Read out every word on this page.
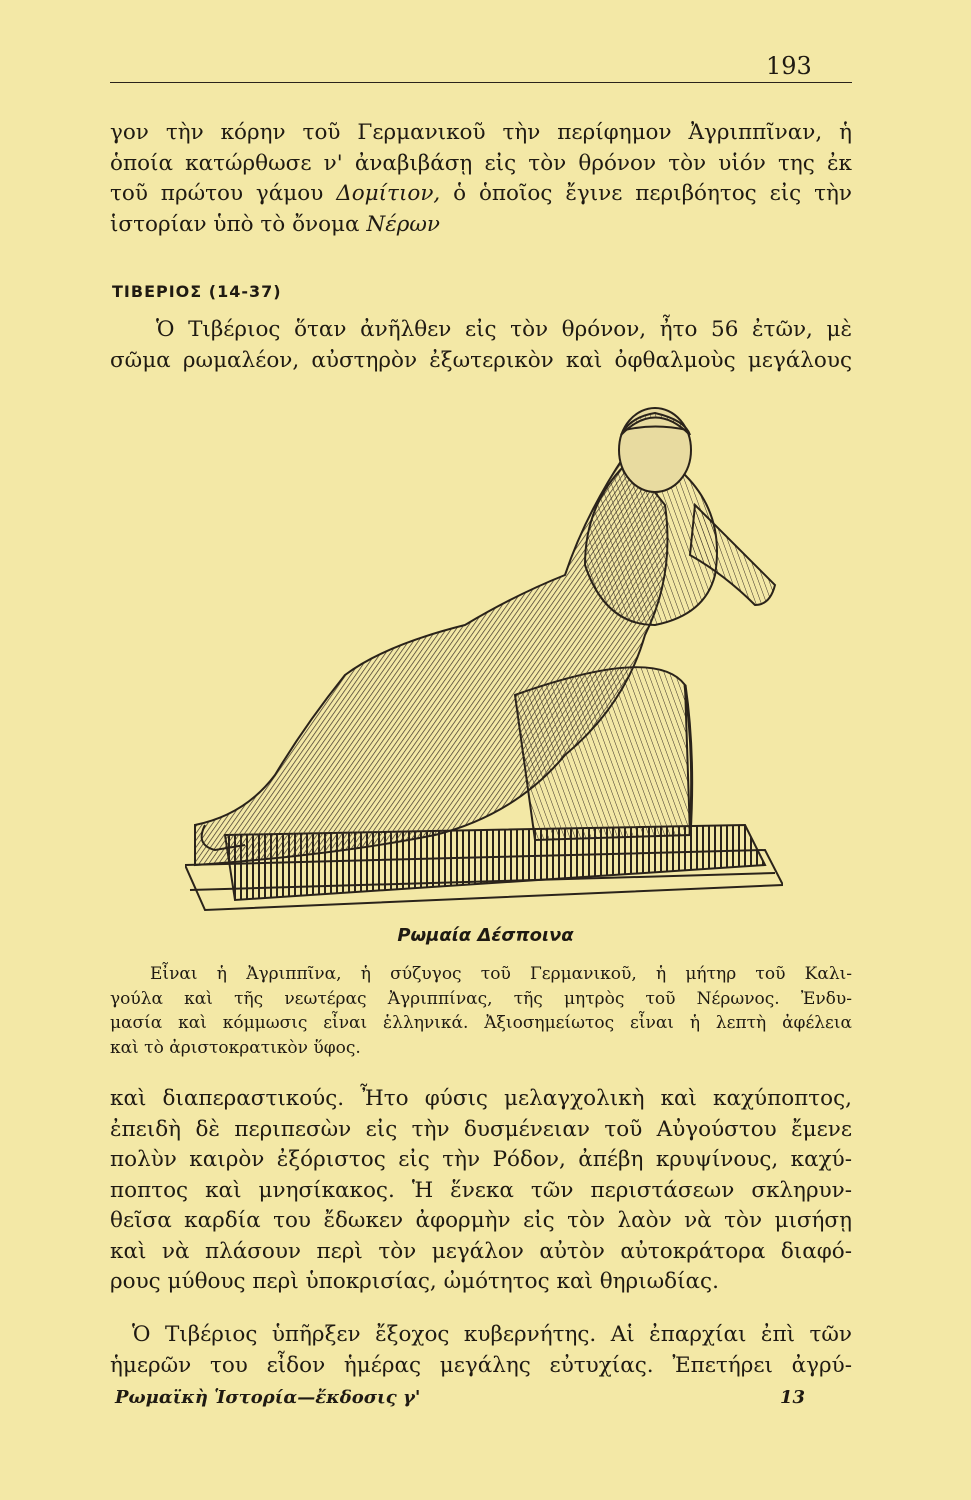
193
γον τὴν κόρην τοῦ Γερμανικοῦ τὴν περίφημον Ἀγριππῖναν, ἡ
ὁποία κατώρθωσε ν' ἀναβιβάσῃ εἰς τὸν θρόνον τὸν υἱόν της ἐκ
τοῦ πρώτου γάμου Δομίτιον, ὁ ὁποῖος ἔγινε περιβόητος εἰς τὴν
ἱστορίαν ὑπὸ τὸ ὄνομα Νέρων
ΤΙΒΕΡΙΟΣ (14-37)
Ὁ Τιβέριος ὅταν ἀνῆλθεν εἰς τὸν θρόνον, ἦτο 56 ἐτῶν, μὲ
σῶμα ρωμαλέον, αὐστηρὸν ἐξωτερικὸν καὶ ὀφθαλμοὺς μεγάλους
Ρωμαία Δέσποινα
Εἶναι ἡ Ἀγριππῖνα, ἡ σύζυγος τοῦ Γερμανικοῦ, ἡ μήτηρ τοῦ Καλι-
γούλα καὶ τῆς νεωτέρας Ἀγριππίνας, τῆς μητρὸς τοῦ Νέρωνος. Ἐνδυ-
μασία καὶ κόμμωσις εἶναι ἑλληνικά. Ἀξιοσημείωτος εἶναι ἡ λεπτὴ ἀφέλεια
καὶ τὸ ἀριστοκρατικὸν ὕφος.
καὶ διαπεραστικούς. Ἦτο φύσις μελαγχολικὴ καὶ καχύποπτος,
ἐπειδὴ δὲ περιπεσὼν εἰς τὴν δυσμένειαν τοῦ Αὐγούστου ἔμενε
πολὺν καιρὸν ἐξόριστος εἰς τὴν Ρόδον, ἀπέβη κρυψίνους, καχύ-
ποπτος καὶ μνησίκακος. Ἡ ἕνεκα τῶν περιστάσεων σκληρυν-
θεῖσα καρδία του ἔδωκεν ἀφορμὴν εἰς τὸν λαὸν νὰ τὸν μισήσῃ
καὶ νὰ πλάσουν περὶ τὸν μεγάλον αὐτὸν αὐτοκράτορα διαφό-
ρους μύθους περὶ ὑποκρισίας, ὠμότητος καὶ θηριωδίας.
Ὁ Τιβέριος ὑπῆρξεν ἔξοχος κυβερνήτης. Αἱ ἐπαρχίαι ἐπὶ τῶν
ἡμερῶν του εἶδον ἡμέρας μεγάλης εὐτυχίας. Ἐπετήρει ἀγρύ-
Ρωμαϊκὴ Ἱστορία—ἔκδοσις γ'	13
